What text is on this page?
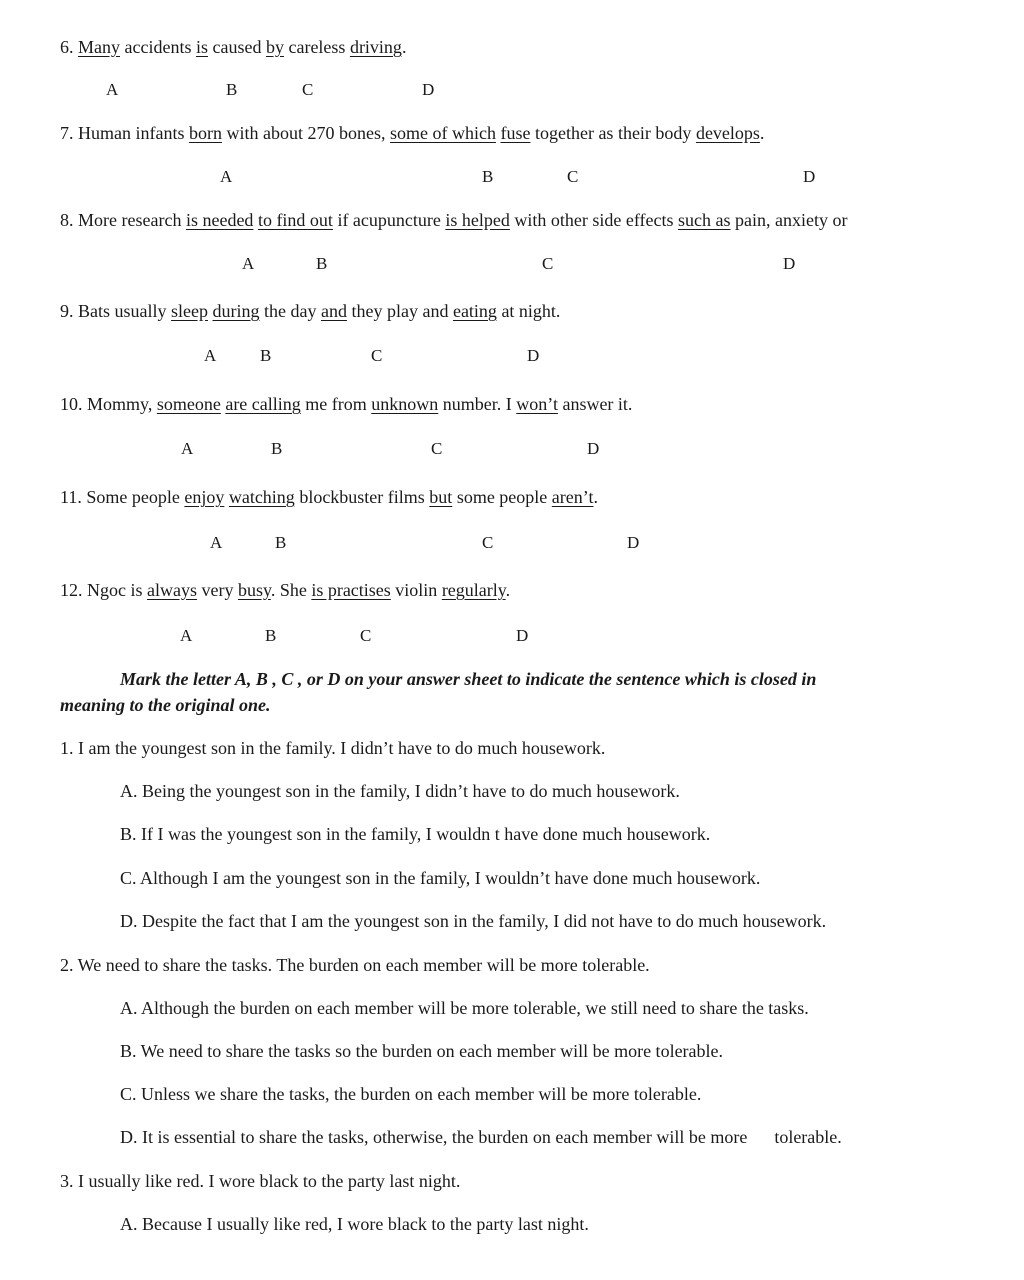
6. Many accidents is caused by careless driving.
A	B	C	D
7. Human infants born with about 270 bones, some of which fuse together as their body develops.
A	B	C	D
8. More research is needed to find out if acupuncture is helped with other side effects such as pain, anxiety or
A	B	C	D
9. Bats usually sleep during the day and they play and eating at night.
A	B	C	D
10. Mommy, someone are calling me from unknown number. I won’t answer it.
A	B	C	D
11. Some people enjoy watching blockbuster films but some people aren’t.
A	B	C	D
12. Ngoc is always very busy. She is practises violin regularly.
A	B	C	D
Mark the letter A, B , C , or D on your answer sheet to indicate the sentence which is closed in
meaning to the original one.
1. I am the youngest son in the family. I didn’t have to do much housework.
A. Being the youngest son in the family, I didn’t have to do much housework.
B. If I was the youngest son in the family, I wouldn t have done much housework.
C. Although I am the youngest son in the family, I wouldn’t have done much housework.
D. Despite the fact that I am the youngest son in the family, I did not have to do much housework.
2. We need to share the tasks. The burden on each member will be more tolerable.
A. Although the burden on each member will be more tolerable, we still need to share the tasks.
B. We need to share the tasks so the burden on each member will be more tolerable.
C. Unless we share the tasks, the burden on each member will be more tolerable.
D. It is essential to share the tasks, otherwise, the burden on each member will be more      tolerable.
3. I usually like red. I wore black to the party last night.
A. Because I usually like red, I wore black to the party last night.
